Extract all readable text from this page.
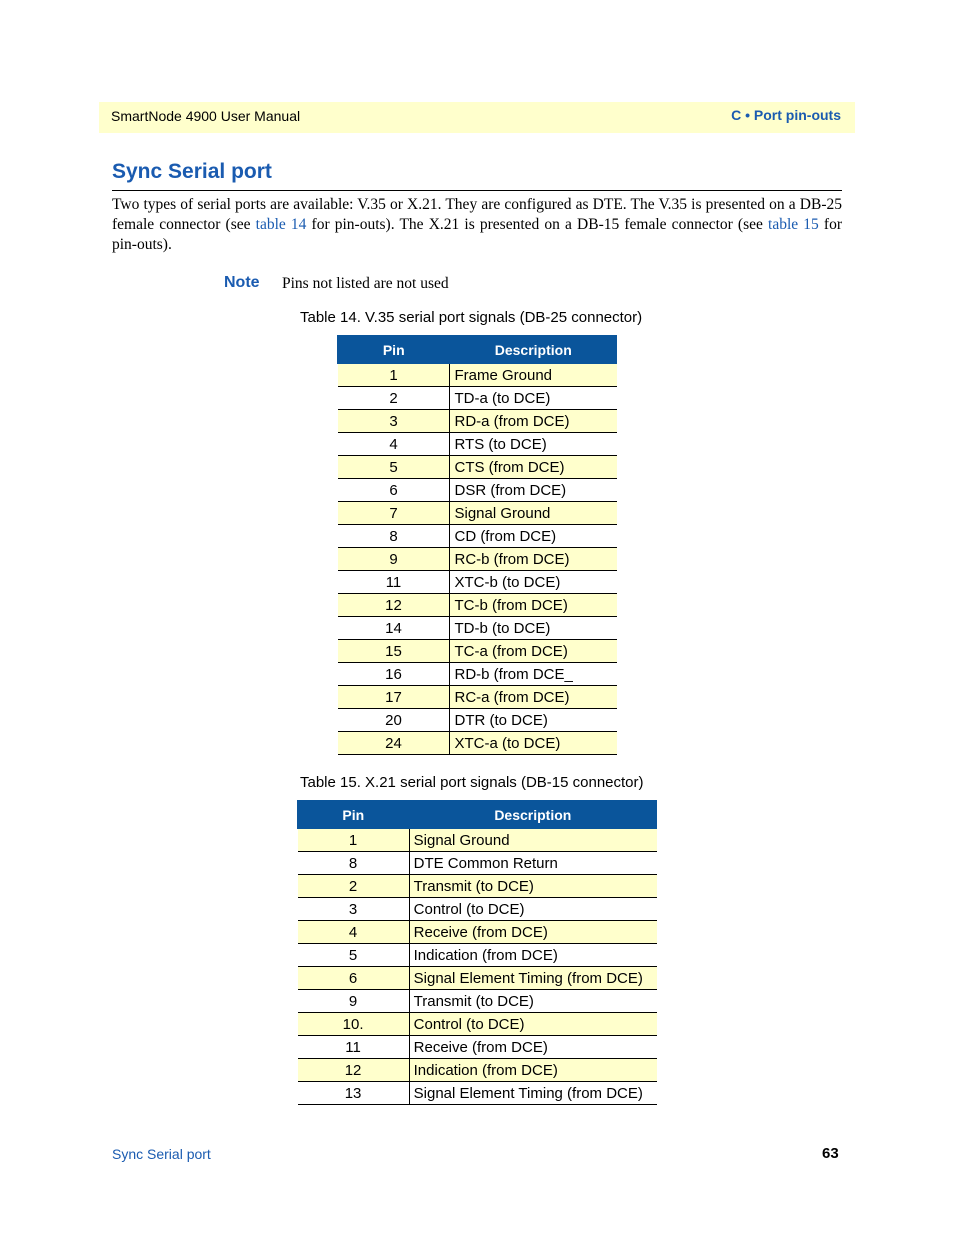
SmartNode 4900 User Manual	C • Port pin-outs
Sync Serial port
Two types of serial ports are available: V.35 or X.21. They are configured as DTE. The V.35 is presented on a DB-25 female connector (see table 14 for pin-outs). The X.21 is presented on a DB-15 female connector (see table 15 for pin-outs).
Note Pins not listed are not used
Table 14. V.35 serial port signals (DB-25 connector)
Pin	Description
1	Frame Ground
2	TD-a (to DCE)
3	RD-a (from DCE)
4	RTS (to DCE)
5	CTS (from DCE)
6	DSR (from DCE)
7	Signal Ground
8	CD (from DCE)
9	RC-b (from DCE)
11	XTC-b (to DCE)
12	TC-b (from DCE)
14	TD-b (to DCE)
15	TC-a (from DCE)
16	RD-b (from DCE_
17	RC-a (from DCE)
20	DTR (to DCE)
24	XTC-a (to DCE)
Table 15. X.21 serial port signals (DB-15 connector)
Pin	Description
1	Signal Ground
8	DTE Common Return
2	Transmit (to DCE)
3	Control (to DCE)
4	Receive (from DCE)
5	Indication (from DCE)
6	Signal Element Timing (from DCE)
9	Transmit (to DCE)
10.	Control (to DCE)
11	Receive (from DCE)
12	Indication (from DCE)
13	Signal Element Timing (from DCE)
Sync Serial port	63
